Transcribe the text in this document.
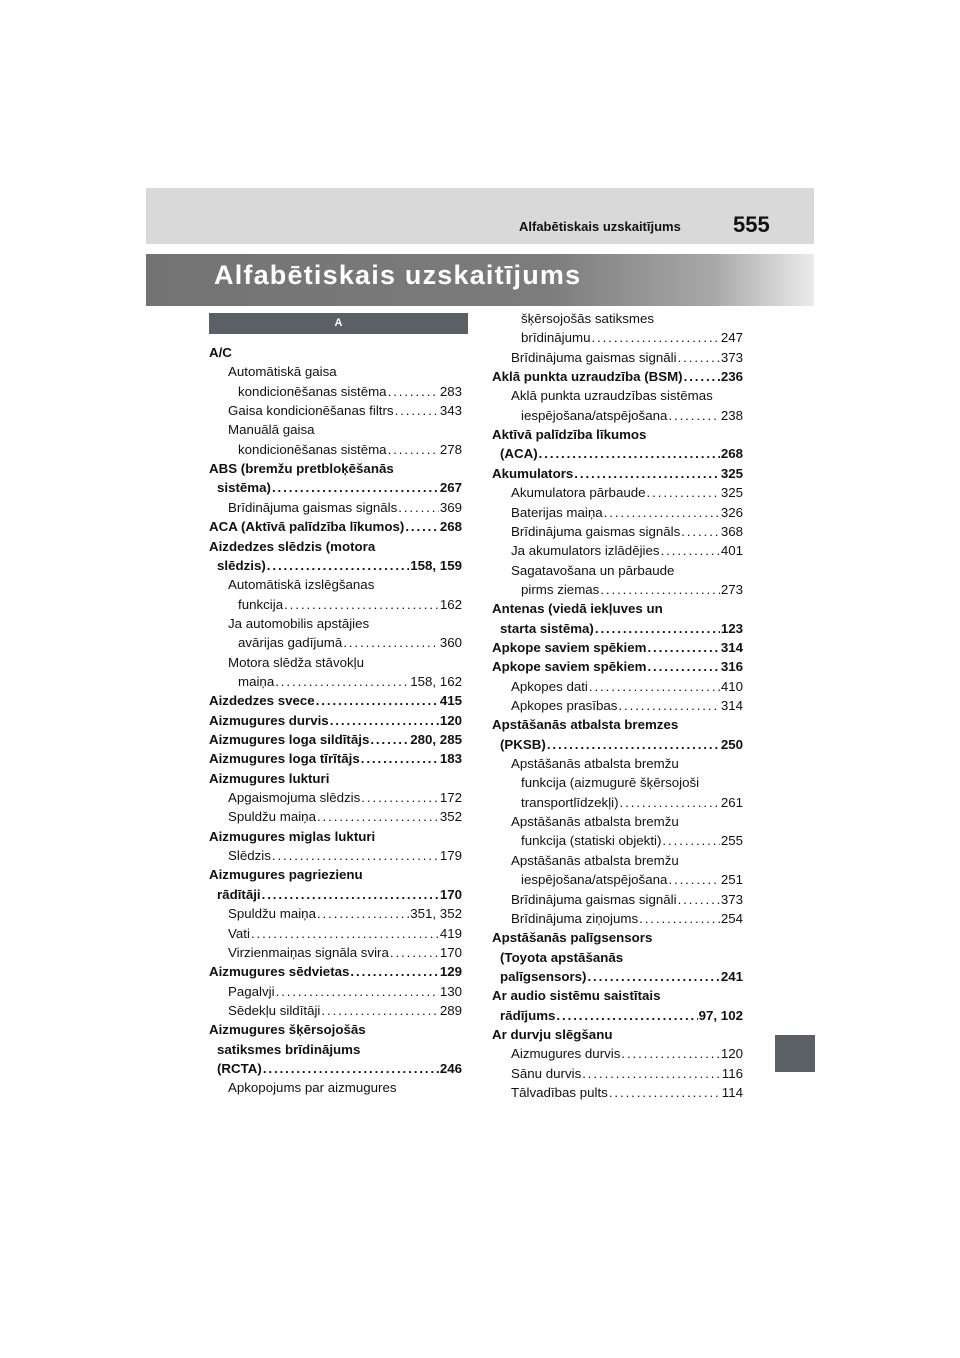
Alfabētiskais uzskaitījums 555
Alfabētiskais uzskaitījums
A
A/C
Automātiskā gaisa
kondicionēšanas sistēma . . .	283
Gaisa kondicionēšanas filtrs . . .	343
Manuālā gaisa
kondicionēšanas sistēma . . .	278
ABS (bremžu pretbloķēšanās
sistēma) . . .	267
Brīdinājuma gaismas signāls . . .	369
ACA (Aktīvā palīdzība līkumos) . . .	268
Aizdedzes slēdzis (motora
slēdzis) . . .	158, 159
Automātiskā izslēgšanas
funkcija . . .	162
Ja automobilis apstājies
avārijas gadījumā . . .	360
Motora slēdža stāvokļu
maiņa . . .	158, 162
Aizdedzes svece . . .	415
Aizmugures durvis . . .	120
Aizmugures loga sildītājs . . .	280, 285
Aizmugures loga tīrītājs . . .	183
Aizmugures lukturi
Apgaismojuma slēdzis . . .	172
Spuldžu maiņa . . .	352
Aizmugures miglas lukturi
Slēdzis . . .	179
Aizmugures pagriezienu
rādītāji . . .	170
Spuldžu maiņa . . .	351, 352
Vati . . .	419
Virzienmaiņas signāla svira . . .	170
Aizmugures sēdvietas . . .	129
Pagalvji . . .	130
Sēdekļu sildītāji . . .	289
Aizmugures šķērsojošās
satiksmes brīdinājums
(RCTA) . . .	246
Apkopojums par aizmugures
šķērsojošās satiksmes
brīdinājumu . . .	247
Brīdinājuma gaismas signāli . . .	373
Aklā punkta uzraudzība (BSM) . . .	236
Aklā punkta uzraudzības sistēmas
iespējošana/atspējošana . . .	238
Aktīvā palīdzība līkumos
(ACA) . . .	268
Akumulators . . .	325
Akumulatora pārbaude . . .	325
Baterijas maiņa . . .	326
Brīdinājuma gaismas signāls . . .	368
Ja akumulators izlādējies . . .	401
Sagatavošana un pārbaude
pirms ziemas . . .	273
Antenas (viedā iekļuves un
starta sistēma) . . .	123
Apkope saviem spēkiem . . .	314
Apkope saviem spēkiem . . .	316
Apkopes dati . . .	410
Apkopes prasības . . .	314
Apstāšanās atbalsta bremzes
(PKSB) . . .	250
Apstāšanās atbalsta bremžu
funkcija (aizmugurē šķērsojoši
transportlīdzekļi) . . .	261
Apstāšanās atbalsta bremžu
funkcija (statiski objekti) . . .	255
Apstāšanās atbalsta bremžu
iespējošana/atspējošana . . .	251
Brīdinājuma gaismas signāli . . .	373
Brīdinājuma ziņojums . . .	254
Apstāšanās palīgsensors
(Toyota apstāšanās
palīgsensors) . . .	241
Ar audio sistēmu saistītais
rādījums . . .	97, 102
Ar durvju slēgšanu
Aizmugures durvis . . .	120
Sānu durvis . . .	116
Tālvadības pults . . .	114
